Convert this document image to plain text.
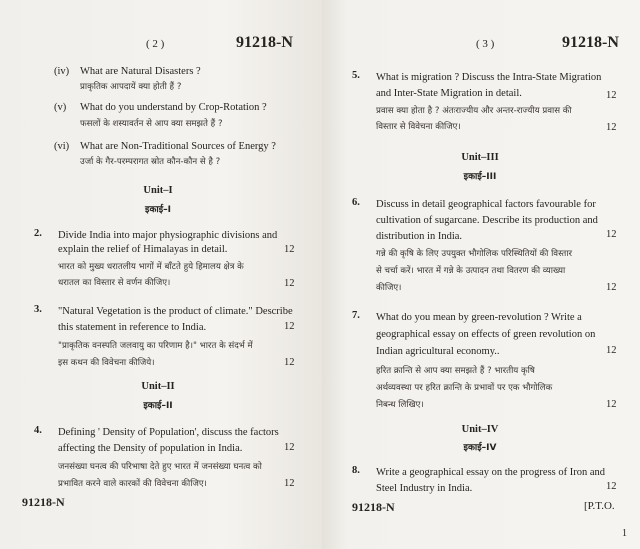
( 2 )	91218-N
(iv) What are Natural Disasters ?
प्राकृतिक आपदायें क्या होती हैं ?
(v) What do you understand by Crop-Rotation ?
फसलों के शस्यावर्तन से आप क्या समझते हैं ?
(vi) What are Non-Traditional Sources of Energy ?
उर्जा के गैर-परम्परागत स्रोत कौन-कौन से है ?
Unit–I
इकाई–I
2. Divide India into major physiographic divisions and
explain the relief of Himalayas in detail.	12
भारत को मुख्य धरातलीय भागों में बाँटते हुये हिमालय क्षेत्र के
धरातल का विस्तार से वर्णन कीजिए।	12
3. "Natural Vegetation is the product of climate." Describe
this statement in reference to India.	12
"प्राकृतिक वनस्पति जलवायु का परिणाम है।" भारत के संदर्भ में
इस कथन की विवेचना कीजिये।	12
Unit–II
इकाई–II
4. Defining ' Density of Population', discuss the factors
affecting the Density of population in India.	12
जनसंख्या घनत्व की परिभाषा देते हुए भारत में जनसंख्या घनत्व को
प्रभावित करने वाले कारकों की विवेचना कीजिए।	12
91218-N
( 3 )	91218-N
5. What is migration ? Discuss the Intra-State Migration
and Inter-State Migration in detail.	12
प्रवास क्या होता है ? अंतःराज्यीय और अन्तर-राज्यीय प्रवास की
विस्तार से विवेचना कीजिए।	12
Unit–III
इकाई–III
6. Discuss in detail geographical factors favourable for
cultivation of sugarcane. Describe its production and
distribution in India.	12
गन्ने की कृषि के लिए उपयुक्त भौगोलिक परिस्थितियों की विस्तार
से चर्चा करें। भारत में गन्ने के उत्पादन तथा वितरण की व्याख्या
कीजिए।	12
7. What do you mean by green-revolution ? Write a
geographical essay on effects of green revolution on
Indian agricultural economy..	12
हरित क्रान्ति से आप क्या समझते हैं ? भारतीय कृषि
अर्थव्यवस्था पर हरित क्रान्ति के प्रभावों पर एक भौगोलिक
निबन्ध लिखिए।	12
Unit–IV
इकाई–IV
8. Write a geographical essay on the progress of Iron and
Steel Industry in India.	12
91218-N	[P.T.O.
1
